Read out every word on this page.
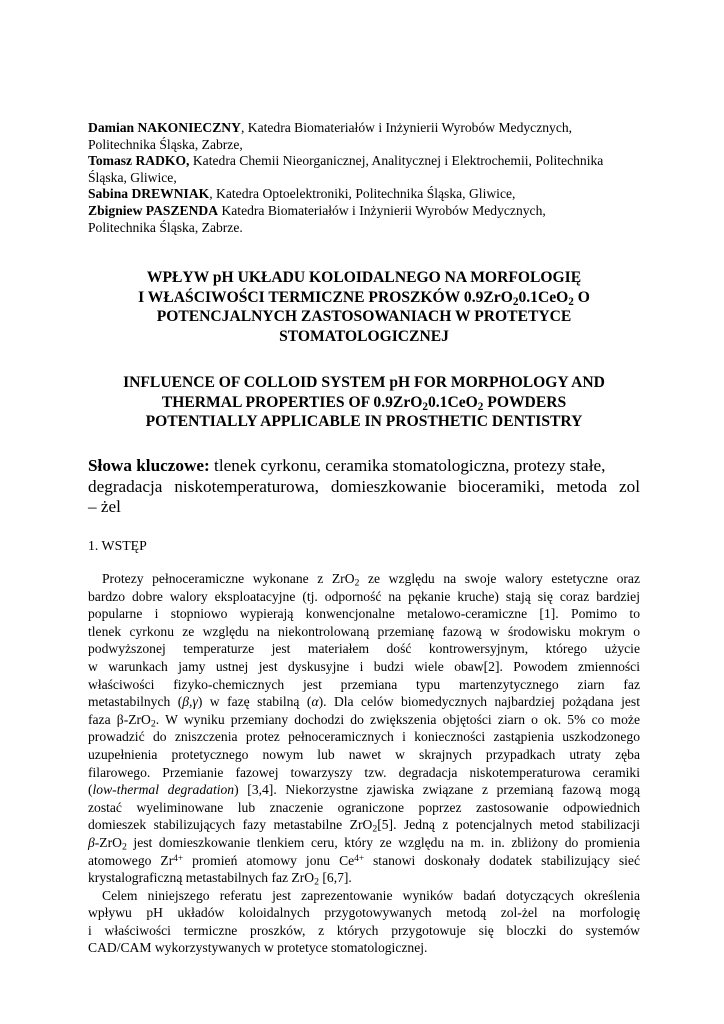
Damian NAKONIECZNY, Katedra Biomateriałów i Inżynierii Wyrobów Medycznych,

Politechnika Śląska, Zabrze,

Tomasz RADKO, Katedra Chemii Nieorganicznej, Analitycznej i Elektrochemii, Politechnika

Śląska, Gliwice,

Sabina DREWNIAK, Katedra Optoelektroniki, Politechnika Śląska, Gliwice,

Zbigniew PASZENDA Katedra Biomateriałów i Inżynierii Wyrobów Medycznych,

Politechnika Śląska, Zabrze.

WPŁYW pH UKŁADU KOLOIDALNEGO NA MORFOLOGIĘ
I WŁAŚCIWOŚCI TERMICZNE PROSZKÓW 0.9ZrO$_2$0.1CeO$_2$ O
POTENCJALNYCH ZASTOSOWANIACH W PROTETYCE
STOMATOLOGICZNEJ
INFLUENCE OF COLLOID SYSTEM pH FOR MORPHOLOGY AND
THERMAL PROPERTIES OF 0.9ZrO$_2$0.1CeO$_2$ POWDERS
POTENTIALLY APPLICABLE IN PROSTHETIC DENTISTRY
Słowa kluczowe: tlenek cyrkonu, ceramika stomatologiczna, protezy stałe,
degradacja niskotemperaturowa, domieszkowanie bioceramiki, metoda zol
– żel
1. WSTĘP
Protezy pełnoceramiczne wykonane z ZrO$_2$ ze względu na swoje walory estetyczne oraz
bardzo dobre walory eksploatacyjne (tj. odporność na pękanie kruche) stają się coraz bardziej
popularne i stopniowo wypierają konwencjonalne metalowo-ceramiczne [1]. Pomimo to
tlenek cyrkonu ze względu na niekontrolowaną przemianę fazową w środowisku mokrym o
podwyższonej temperaturze jest materiałem dość kontrowersyjnym, którego użycie
w warunkach jamy ustnej jest dyskusyjne i budzi wiele obaw[2]. Powodem zmienności
właściwości fizyko-chemicznych jest przemiana typu martenzytycznego ziarn faz
metastabilnych (β,γ) w fazę stabilną (α). Dla celów biomedycznych najbardziej pożądana jest
faza β-ZrO$_2$. W wyniku przemiany dochodzi do zwiększenia objętości ziarn o ok. 5% co może
prowadzić do zniszczenia protez pełnoceramicznych i konieczności zastąpienia uszkodzonego
uzupełnienia protetycznego nowym lub nawet w skrajnych przypadkach utraty zęba
filarowego. Przemianie fazowej towarzyszy tzw. degradacja niskotemperaturowa ceramiki
(low-thermal degradation) [3,4]. Niekorzystne zjawiska związane z przemianą fazową mogą
zostać wyeliminowane lub znaczenie ograniczone poprzez zastosowanie odpowiednich
domieszek stabilizujących fazy metastabilne ZrO$_2$[5]. Jedną z potencjalnych metod stabilizacji
β-ZrO$_2$ jest domieszkowanie tlenkiem ceru, który ze względu na m. in. zbliżony do promienia
atomowego $Zr^{4+}$ promień atomowy jonu $Ce^{4+}$ stanowi doskonały dodatek stabilizujący sieć
krystalograficzną metastabilnych faz ZrO$_2$ [6,7].
Celem niniejszego referatu jest zaprezentowanie wyników badań dotyczących określenia
wpływu pH układów koloidalnych przygotowywanych metodą zol-żel na morfologię
i właściwości termiczne proszków, z których przygotowuje się bloczki do systemów
CAD/CAM wykorzystywanych w protetyce stomatologicznej.
